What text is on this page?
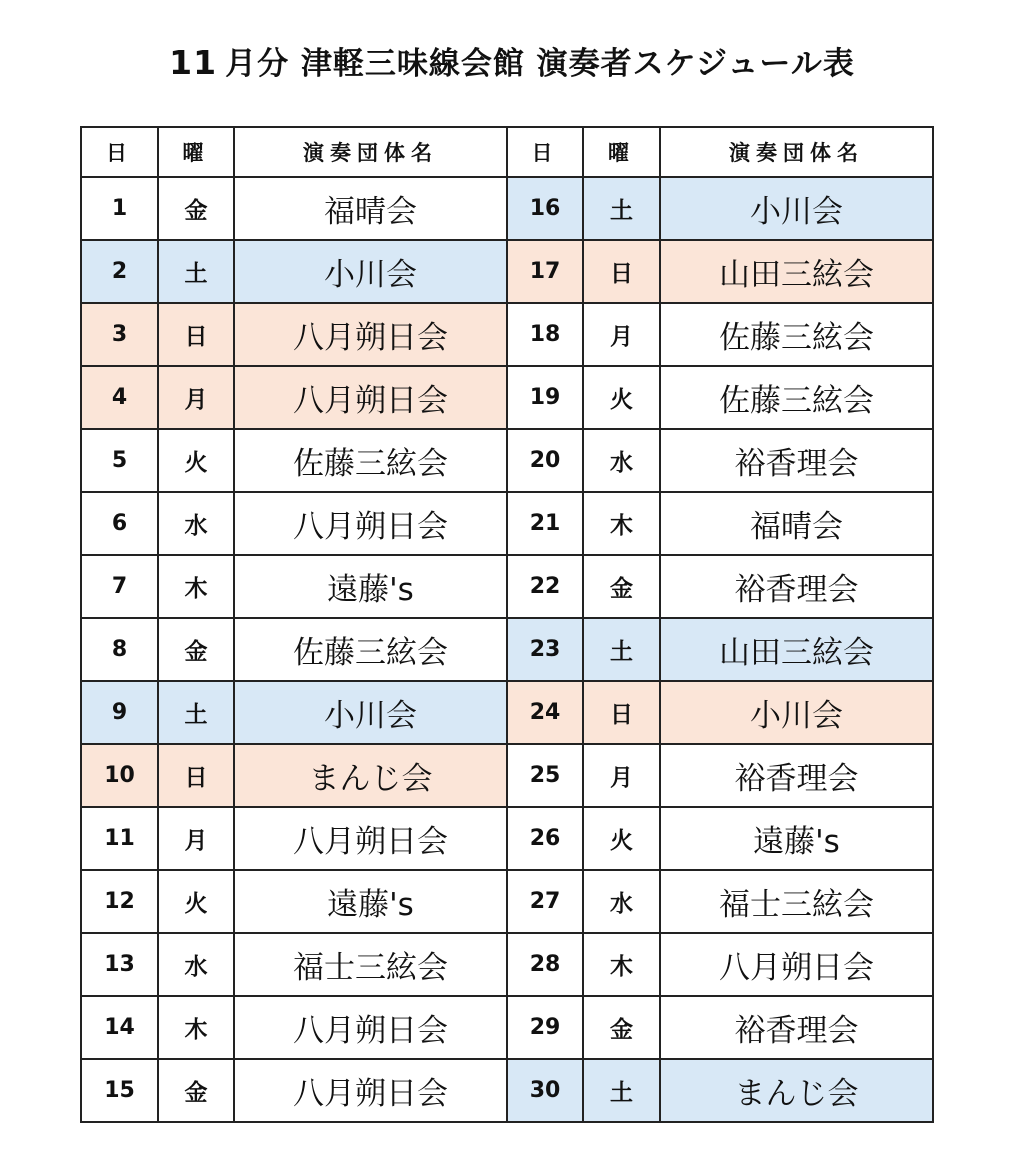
11 月分 津軽三味線会館 演奏者スケジュール表
日	曜	演奏団体名	日	曜	演奏団体名
1	金	福晴会	16	土	小川会
2	土	小川会	17	日	山田三絃会
3	日	八月朔日会	18	月	佐藤三絃会
4	月	八月朔日会	19	火	佐藤三絃会
5	火	佐藤三絃会	20	水	裕香理会
6	水	八月朔日会	21	木	福晴会
7	木	遠藤's	22	金	裕香理会
8	金	佐藤三絃会	23	土	山田三絃会
9	土	小川会	24	日	小川会
10	日	まんじ会	25	月	裕香理会
11	月	八月朔日会	26	火	遠藤's
12	火	遠藤's	27	水	福士三絃会
13	水	福士三絃会	28	木	八月朔日会
14	木	八月朔日会	29	金	裕香理会
15	金	八月朔日会	30	土	まんじ会
